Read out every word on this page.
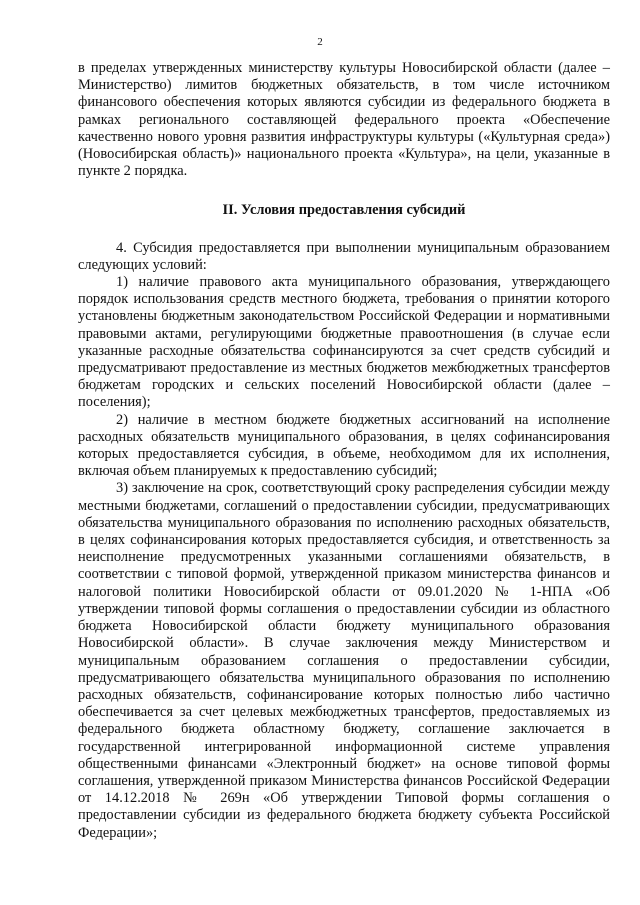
2

в пределах утвержденных министерству культуры Новосибирской области (далее – Министерство) лимитов бюджетных обязательств, в том числе источником финансового обеспечения которых являются субсидии из федерального бюджета в рамках регионального составляющей федерального проекта «Обеспечение качественно нового уровня развития инфраструктуры культуры («Культурная среда») (Новосибирская область)» национального проекта «Культура», на цели, указанные в пункте 2 порядка.

II. Условия предоставления субсидий

4. Субсидия предоставляется при выполнении муниципальным образованием следующих условий:

1) наличие правового акта муниципального образования, утверждающего порядок использования средств местного бюджета, требования о принятии которого установлены бюджетным законодательством Российской Федерации и нормативными правовыми актами, регулирующими бюджетные правоотношения (в случае если указанные расходные обязательства софинансируются за счет средств субсидий и предусматривают предоставление из местных бюджетов межбюджетных трансфертов бюджетам городских и сельских поселений Новосибирской области (далее – поселения);

2) наличие в местном бюджете бюджетных ассигнований на исполнение расходных обязательств муниципального образования, в целях софинансирования которых предоставляется субсидия, в объеме, необходимом для их исполнения, включая объем планируемых к предоставлению субсидий;

3) заключение на срок, соответствующий сроку распределения субсидии между местными бюджетами, соглашений о предоставлении субсидии, предусматривающих обязательства муниципального образования по исполнению расходных обязательств, в целях софинансирования которых предоставляется субсидия, и ответственность за неисполнение предусмотренных указанными соглашениями обязательств, в соответствии с типовой формой, утвержденной приказом министерства финансов и налоговой политики Новосибирской области от 09.01.2020 № 1-НПА «Об утверждении типовой формы соглашения о предоставлении субсидии из областного бюджета Новосибирской области бюджету муниципального образования Новосибирской области». В случае заключения между Министерством и муниципальным образованием соглашения о предоставлении субсидии, предусматривающего обязательства муниципального образования по исполнению расходных обязательств, софинансирование которых полностью либо частично обеспечивается за счет целевых межбюджетных трансфертов, предоставляемых из федерального бюджета областному бюджету, соглашение заключается в государственной интегрированной информационной системе управления общественными финансами «Электронный бюджет» на основе типовой формы соглашения, утвержденной приказом Министерства финансов Российской Федерации от 14.12.2018 № 269н «Об утверждении Типовой формы соглашения о предоставлении субсидии из федерального бюджета бюджету субъекта Российской Федерации»;
